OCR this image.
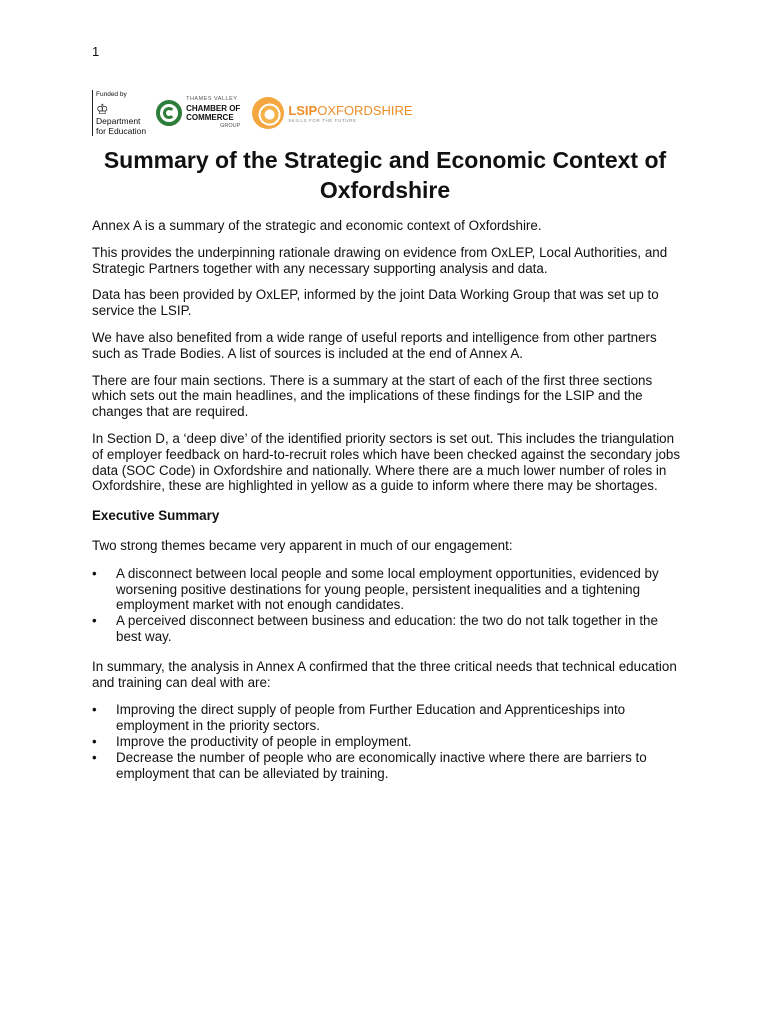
1
Funded by
♔
Department
for Education
THAMES VALLEY
CHAMBER OF
COMMERCE
GROUP
LSIPOXFORDSHIRE
SKILLS FOR THE FUTURE
Summary of the Strategic and Economic Context of Oxfordshire

Annex A is a summary of the strategic and economic context of Oxfordshire.

This provides the underpinning rationale drawing on evidence from OxLEP, Local Authorities, and Strategic Partners together with any necessary supporting analysis and data.

Data has been provided by OxLEP, informed by the joint Data Working Group that was set up to service the LSIP.

We have also benefited from a wide range of useful reports and intelligence from other partners such as Trade Bodies. A list of sources is included at the end of Annex A.

There are four main sections. There is a summary at the start of each of the first three sections which sets out the main headlines, and the implications of these findings for the LSIP and the changes that are required.

In Section D, a ‘deep dive’ of the identified priority sectors is set out. This includes the triangulation of employer feedback on hard-to-recruit roles which have been checked against the secondary jobs data (SOC Code) in Oxfordshire and nationally. Where there are a much lower number of roles in Oxfordshire, these are highlighted in yellow as a guide to inform where there may be shortages.

Executive Summary

Two strong themes became very apparent in much of our engagement:

• A disconnect between local people and some local employment opportunities, evidenced by worsening positive destinations for young people, persistent inequalities and a tightening employment market with not enough candidates.
• A perceived disconnect between business and education: the two do not talk together in the best way.

In summary, the analysis in Annex A confirmed that the three critical needs that technical education and training can deal with are:

• Improving the direct supply of people from Further Education and Apprenticeships into employment in the priority sectors.
• Improve the productivity of people in employment.
• Decrease the number of people who are economically inactive where there are barriers to employment that can be alleviated by training.
